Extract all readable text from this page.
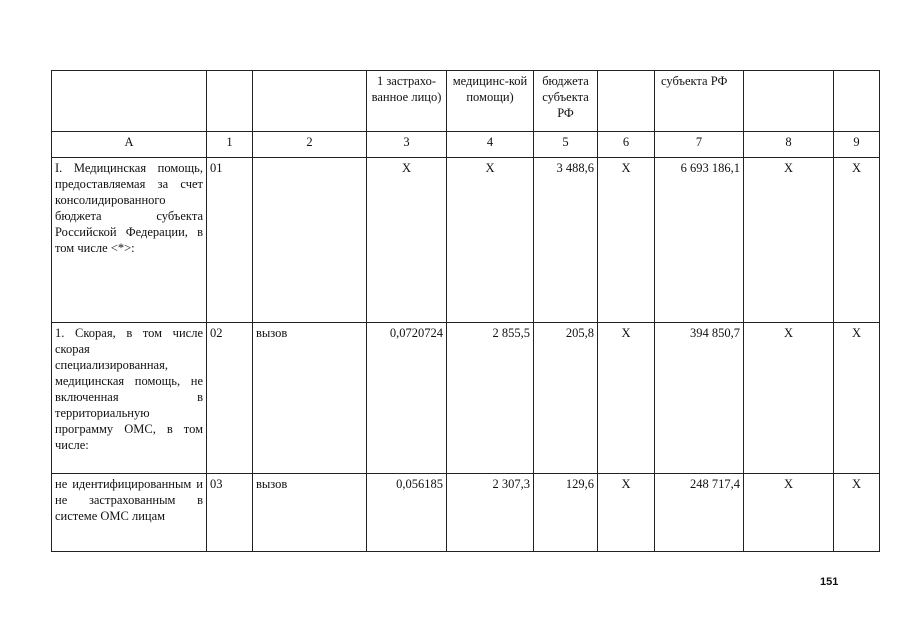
			1 застрахо-ванное лицо)	медицинс-кой помощи)	бюджета субъекта РФ		субъекта РФ		
А	1	2	3	4	5	6	7	8	9
I. Медицинская помощь, предоставляемая за счет консолидированного бюджета субъекта Российской Федерации, в том числе <*>:	01		Х	Х	3 488,6	Х	6 693 186,1	Х	Х
1. Скорая, в том числе скорая специализированная, медицинская помощь, не включенная в территориальную программу ОМС, в том числе:	02	вызов	0,0720724	2 855,5	205,8	Х	394 850,7	Х	Х
не идентифицированным и не застрахованным в системе ОМС лицам	03	вызов	0,056185	2 307,3	129,6	Х	248 717,4	Х	Х
151
